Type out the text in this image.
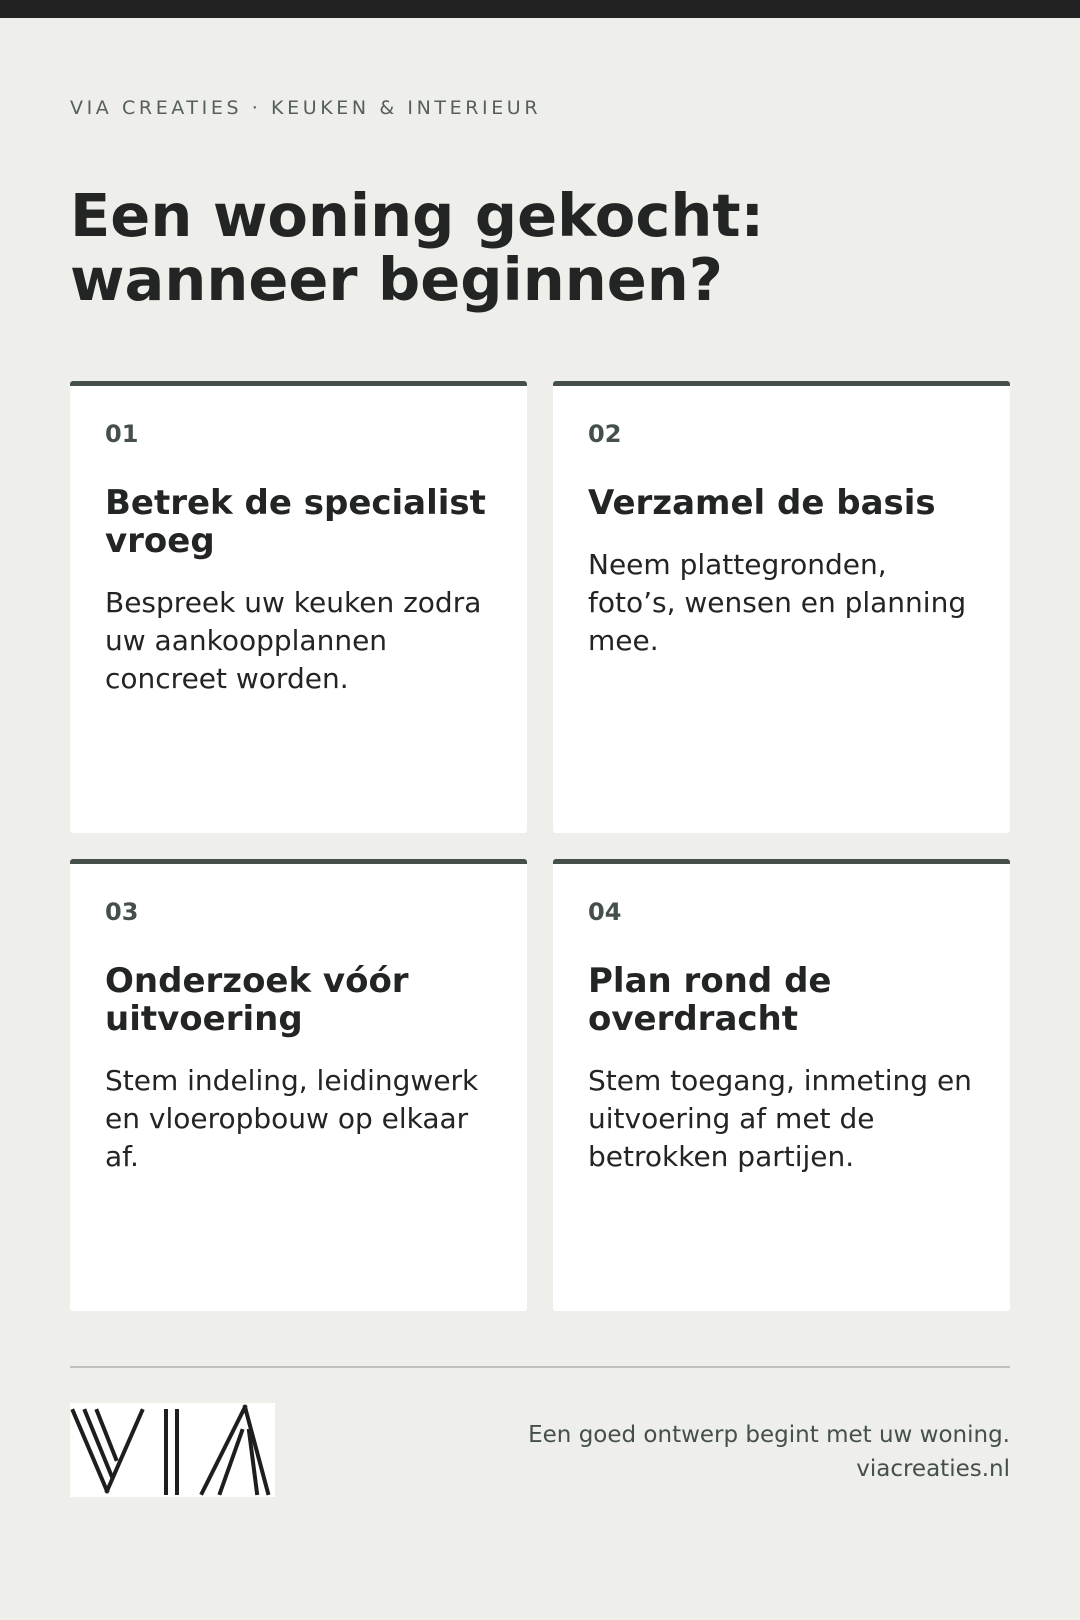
VIA CREATIES · KEUKEN & INTERIEUR
Een woning gekocht: wanneer beginnen?
01
Betrek de specialist vroeg

Bespreek uw keuken zodra uw aankoopplannen concreet worden.

02
Verzamel de basis

Neem plattegronden, foto’s, wensen en planning mee.

03
Onderzoek vóór uitvoering

Stem indeling, leidingwerk en vloeropbouw op elkaar af.

04
Plan rond de overdracht

Stem toegang, inmeting en uitvoering af met de betrokken partijen.

Een goed ontwerp begint met uw woning.
viacreaties.nl
